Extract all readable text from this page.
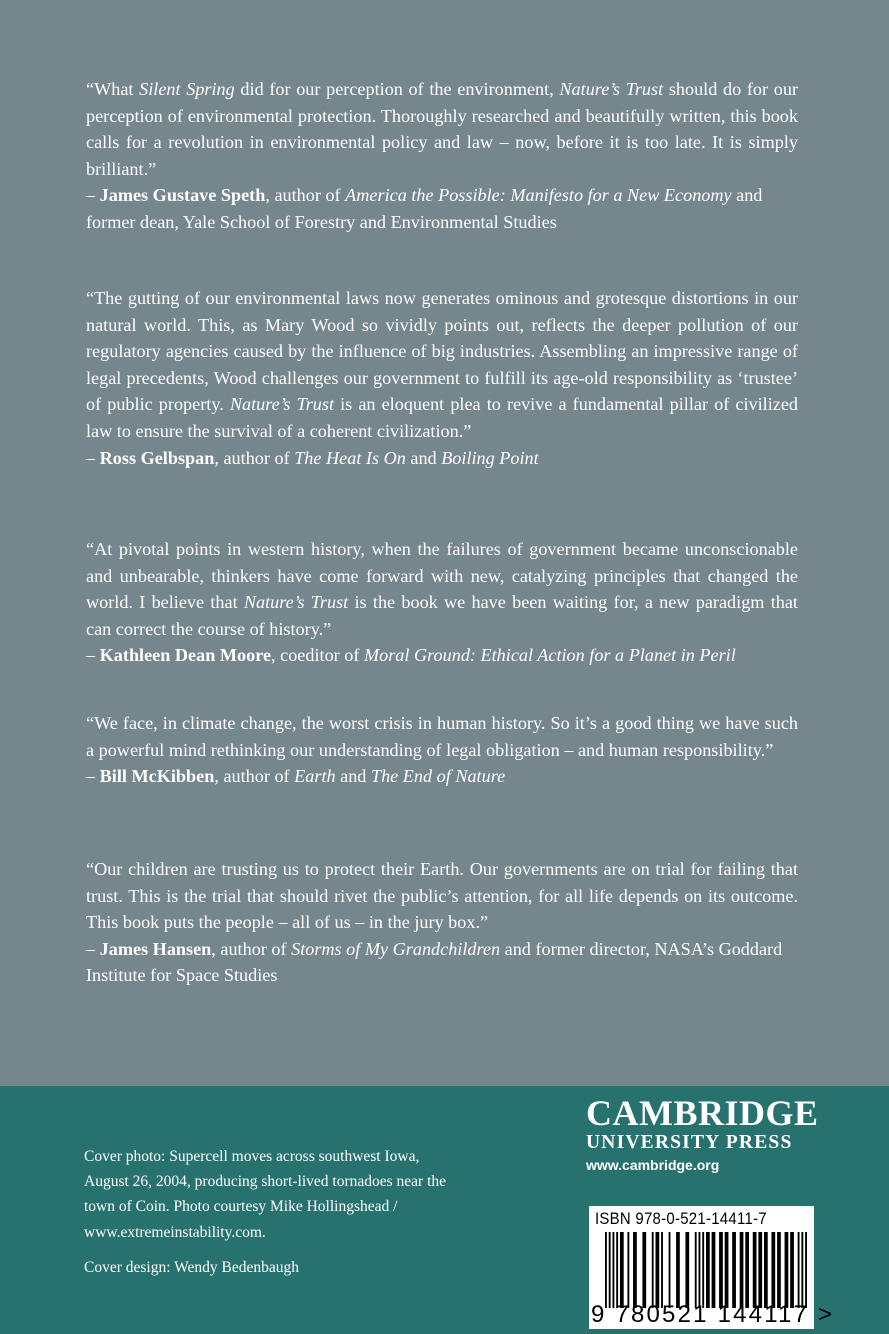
“What Silent Spring did for our perception of the environment, Nature’s Trust should do for our perception of environmental protection. Thoroughly researched and beautifully written, this book calls for a revolution in environmental policy and law – now, before it is too late. It is simply brilliant.”
– James Gustave Speth, author of America the Possible: Manifesto for a New Economy and former dean, Yale School of Forestry and Environmental Studies
“The gutting of our environmental laws now generates ominous and grotesque distortions in our natural world. This, as Mary Wood so vividly points out, reflects the deeper pollution of our regulatory agencies caused by the influence of big industries. Assembling an impressive range of legal precedents, Wood challenges our government to fulfill its age-old responsibility as ‘trustee’ of public property. Nature’s Trust is an eloquent plea to revive a fundamental pillar of civilized law to ensure the survival of a coherent civilization.”
– Ross Gelbspan, author of The Heat Is On and Boiling Point
“At pivotal points in western history, when the failures of government became unconscionable and unbearable, thinkers have come forward with new, catalyzing principles that changed the world. I believe that Nature’s Trust is the book we have been waiting for, a new paradigm that can correct the course of history.”
– Kathleen Dean Moore, coeditor of Moral Ground: Ethical Action for a Planet in Peril
“We face, in climate change, the worst crisis in human history. So it’s a good thing we have such a powerful mind rethinking our understanding of legal obligation – and human responsibility.”
– Bill McKibben, author of Earth and The End of Nature
“Our children are trusting us to protect their Earth. Our governments are on trial for failing that trust. This is the trial that should rivet the public’s attention, for all life depends on its outcome. This book puts the people – all of us – in the jury box.”
– James Hansen, author of Storms of My Grandchildren and former director, NASA’s Goddard Institute for Space Studies

Cover photo: Supercell moves across southwest Iowa, August 26, 2004, producing short-lived tornadoes near the town of Coin. Photo courtesy Mike Hollingshead / www.extremeinstability.com.

Cover design: Wendy Bedenbaugh

CAMBRIDGE
UNIVERSITY PRESS
www.cambridge.org
ISBN 978-0-521-14411-7
9 780521 144117 >
